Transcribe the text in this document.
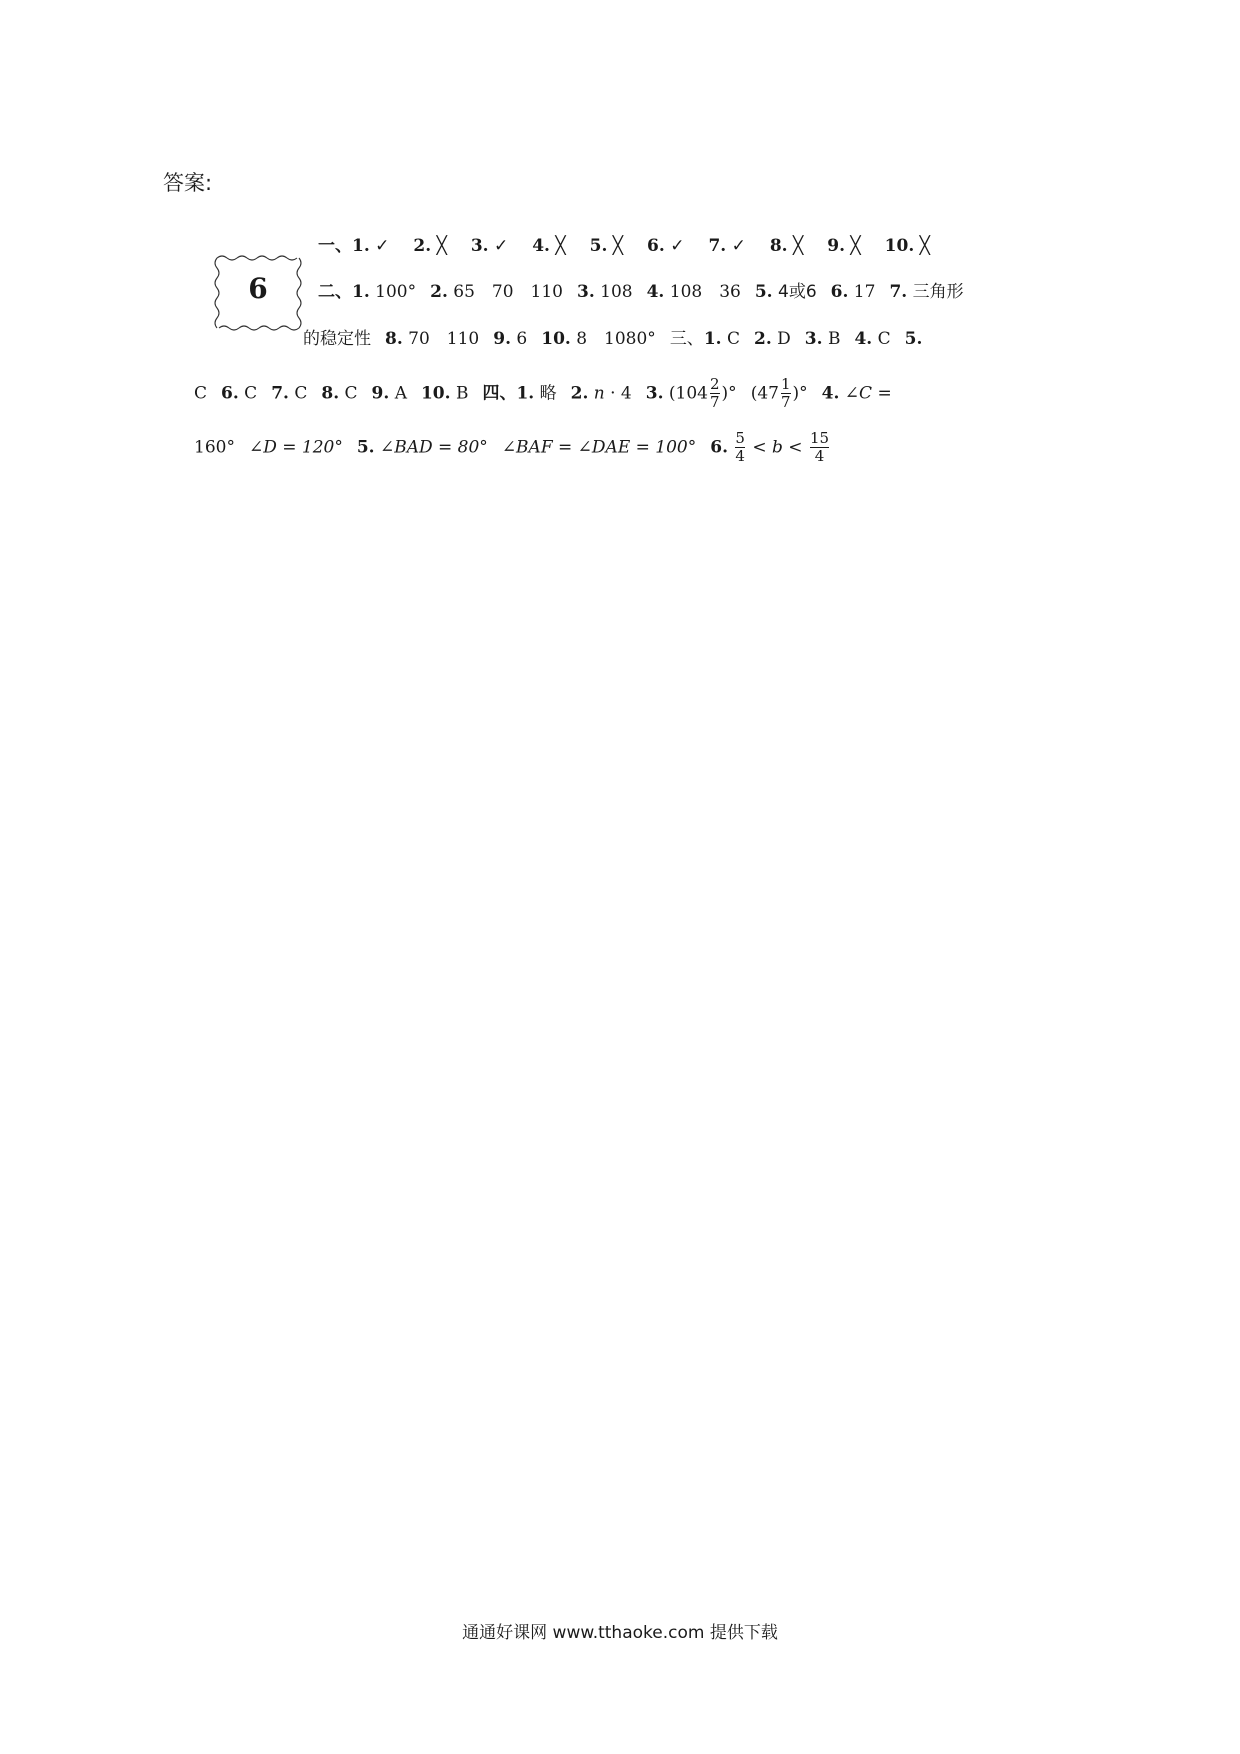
答案:
6
一、1. ✓ 2. ╳ 3. ✓ 4. ╳ 5. ╳ 6. ✓ 7. ✓ 8. ╳ 9. ╳ 10. ╳
二、1. 100° 2. 65　70　110 3. 108 4. 108　36 5. 4或6 6. 17 7. 三角形
的稳定性 8. 70　110 9. 6 10. 8　1080° 三、1. C 2. D 3. B 4. C 5.
C 6. C 7. C 8. C 9. A 10. B 四、1. 略 2. n · 4 3. ($104 \frac{2}{7}$ )° ($47 \frac{1}{7}$ )° 4. ∠C =
160° ∠D = 120° 5. ∠BAD = 80° ∠BAF = ∠DAE = 100° 6. $\frac{5}{4} < b < \frac{15}{4}$
通通好课网 www.tthaoke.com 提供下载
